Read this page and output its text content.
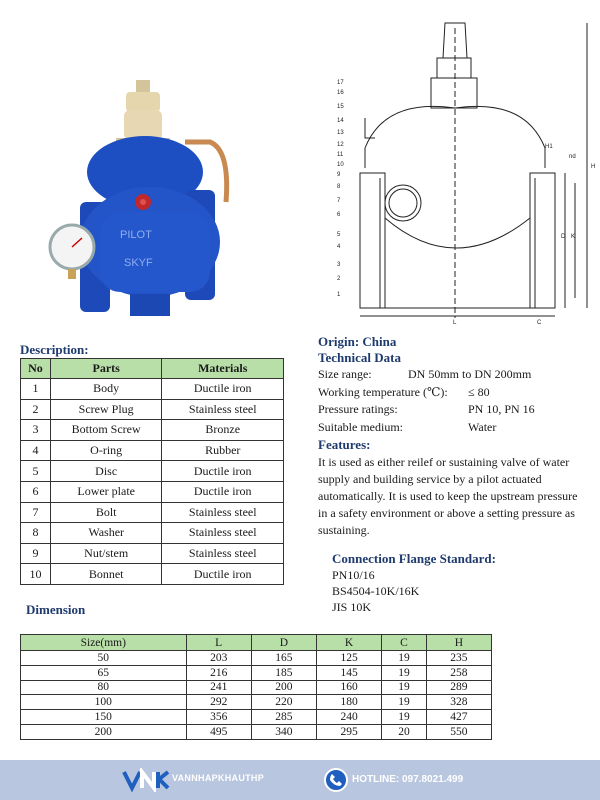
PILOT
SKYF
17
16
15
14
13
12
11
10
9
8
7
6
5
4
3
2
1
H
H1
D K
C
L
nd
Description:
No	Parts	Materials
1	Body	Ductile iron
2	Screw Plug	Stainless steel
3	Bottom Screw	Bronze
4	O-ring	Rubber
5	Disc	Ductile iron
6	Lower plate	Ductile iron
7	Bolt	Stainless steel
8	Washer	Stainless steel
9	Nut/stem	Stainless steel
10	Bonnet	Ductile iron
Origin: China
Technical Data
Size range:	DN 50mm to DN 200mm
Working temperature (℃): ≤ 80
Pressure ratings:	PN 10, PN 16
Suitable medium:	Water
Features:
It is used as either reilef or sustaining valve of water
supply and building service by a pilot actuated
automatically. It is used to keep the upstream pressure
in a safety environment or above a setting pressure as
sustaining.
Connection Flange Standard:
PN10/16
BS4504-10K/16K
JIS 10K
Dimension
Size(mm)	L	D	K	C	H
50	203	165	125	19	235
65	216	185	145	19	258
80	241	200	160	19	289
100	292	220	180	19	328
150	356	285	240	19	427
200	495	340	295	20	550
VANNHAPKHAUTHP	HOTLINE: 097.8021.499
